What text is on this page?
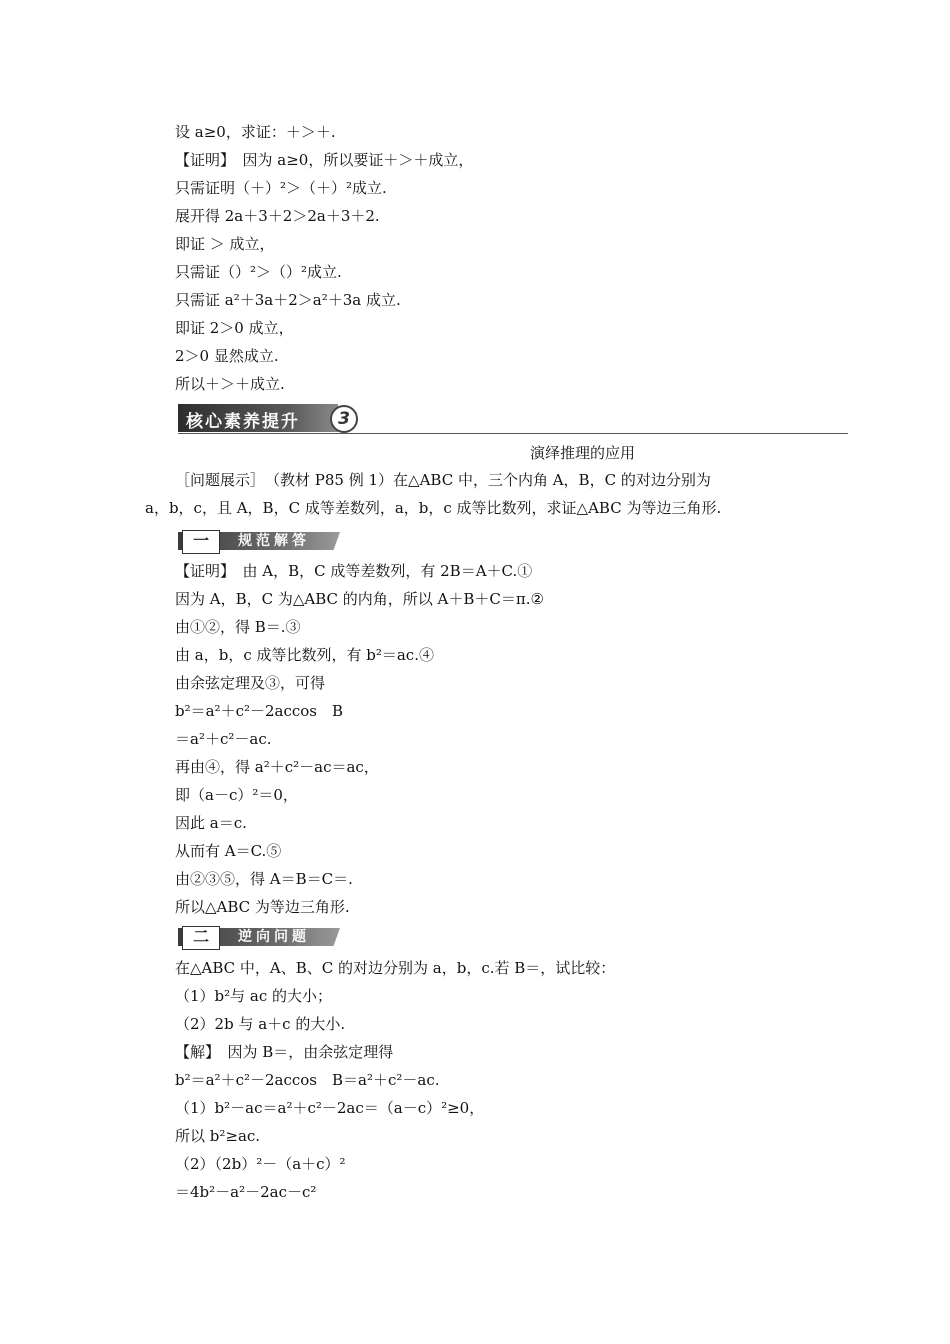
设 a≥0，求证：＋＞＋.
【证明】　因为 a≥0，所以要证＋＞＋成立，
只需证明（＋）²＞（＋）²成立.
展开得 2a＋3＋2＞2a＋3＋2.
即证 ＞ 成立，
只需证（）²＞（）²成立.
只需证 a²＋3a＋2＞a²＋3a 成立.
即证 2＞0 成立，
2＞0 显然成立.
所以＋＞＋成立.
核心素养提升	3
演绎推理的应用
［问题展示］　（教材 P85 例 1）在△ABC 中，三个内角 A，B，C 的对边分别为
a，b，c，且 A，B，C 成等差数列，a，b，c 成等比数列，求证△ABC 为等边三角形.
一	规范解答
【证明】　由 A，B，C 成等差数列，有 2B＝A＋C.①
因为 A，B，C 为△ABC 的内角，所以 A＋B＋C＝π.②
由①②，得 B＝.③
由 a，b，c 成等比数列，有 b²＝ac.④
由余弦定理及③，可得
b²＝a²＋c²－2accos　B
＝a²＋c²－ac.
再由④，得 a²＋c²－ac＝ac，
即（a－c）²＝0，
因此 a＝c.
从而有 A＝C.⑤
由②③⑤，得 A＝B＝C＝.
所以△ABC 为等边三角形.
二	逆向问题
在△ABC 中，A、B、C 的对边分别为 a，b，c.若 B＝，试比较：
（1）b²与 ac 的大小；
（2）2b 与 a＋c 的大小.
【解】　因为 B＝，由余弦定理得
b²＝a²＋c²－2accos　B＝a²＋c²－ac.
（1）b²－ac＝a²＋c²－2ac＝（a－c）²≥0，
所以 b²≥ac.
（2）（2b）²－（a＋c）²
＝4b²－a²－2ac－c²
